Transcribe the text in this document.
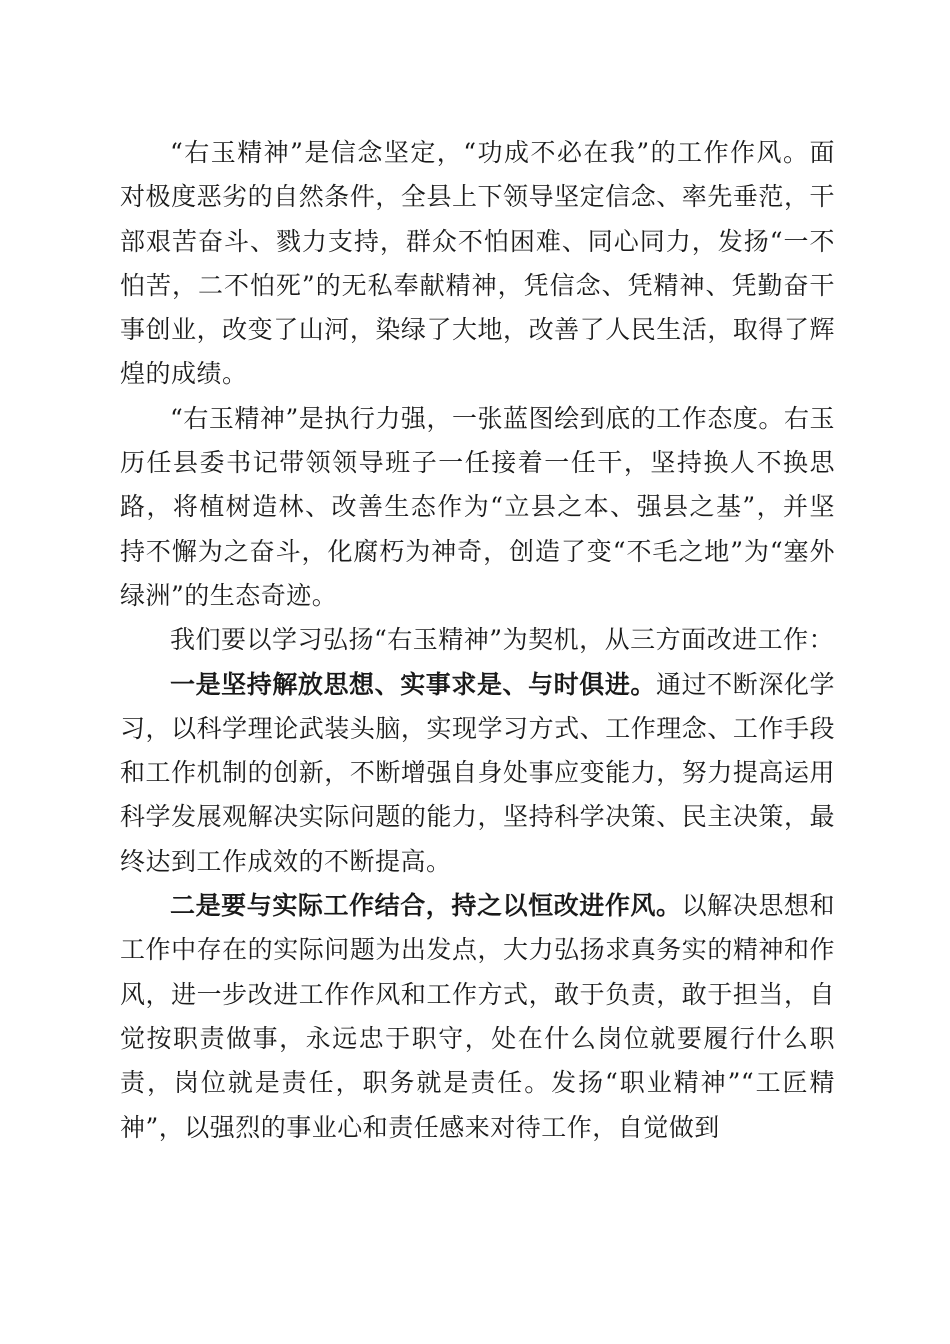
“右玉精神”是信念坚定，“功成不必在我”的工作作风。面对极度恶劣的自然条件，全县上下领导坚定信念、率先垂范，干部艰苦奋斗、戮力支持，群众不怕困难、同心同力，发扬“一不怕苦，二不怕死”的无私奉献精神，凭信念、凭精神、凭勤奋干事创业，改变了山河，染绿了大地，改善了人民生活，取得了辉煌的成绩。

“右玉精神”是执行力强，一张蓝图绘到底的工作态度。右玉历任县委书记带领领导班子一任接着一任干，坚持换人不换思路，将植树造林、改善生态作为“立县之本、强县之基”，并坚持不懈为之奋斗，化腐朽为神奇，创造了变“不毛之地”为“塞外绿洲”的生态奇迹。

我们要以学习弘扬“右玉精神”为契机，从三方面改进工作：

一是坚持解放思想、实事求是、与时俱进。通过不断深化学习，以科学理论武装头脑，实现学习方式、工作理念、工作手段和工作机制的创新，不断增强自身处事应变能力，努力提高运用科学发展观解决实际问题的能力，坚持科学决策、民主决策，最终达到工作成效的不断提高。

二是要与实际工作结合，持之以恒改进作风。以解决思想和工作中存在的实际问题为出发点，大力弘扬求真务实的精神和作风，进一步改进工作作风和工作方式，敢于负责，敢于担当，自觉按职责做事，永远忠于职守，处在什么岗位就要履行什么职责，岗位就是责任，职务就是责任。发扬“职业精神”“工匠精神”，以强烈的事业心和责任感来对待工作，自觉做到
